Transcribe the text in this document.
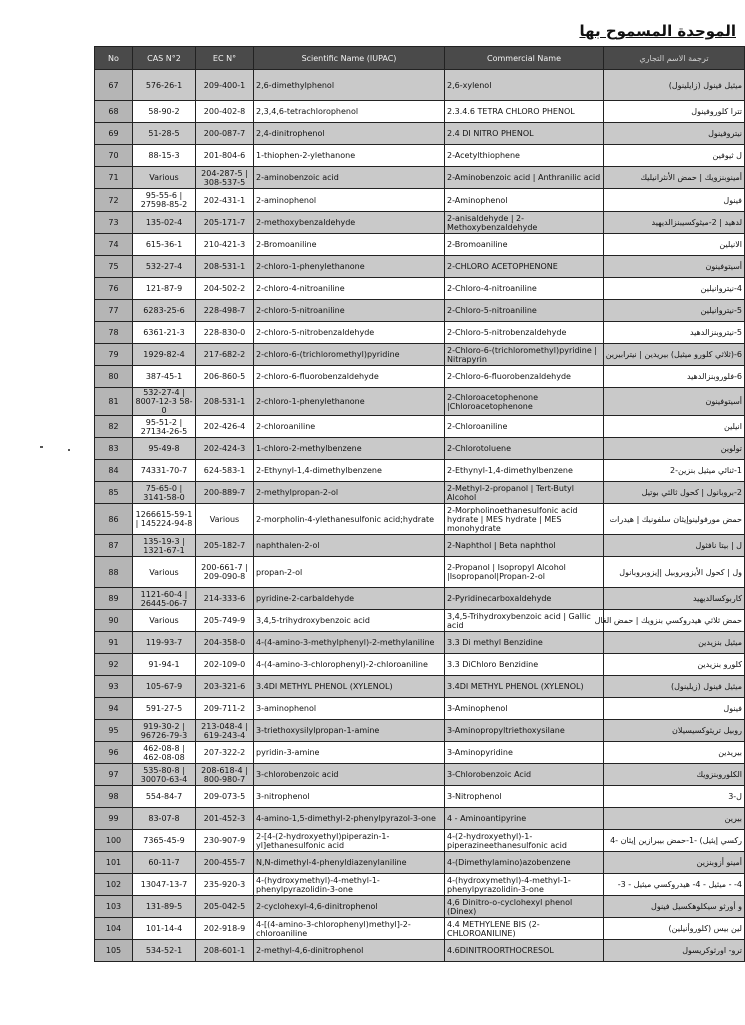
الموحدة المسموح بها
No	CAS N°2	EC N°	Scientific Name (IUPAC)	Commercial Name	ترجمة الاسم التجاري
67	576-26-1	209-400-1	2,6-dimethylphenol	2,6-xylenol	ميثيل فينول (زايلينول)
68	58-90-2	200-402-8	2,3,4,6-tetrachlorophenol	2.3.4.6 TETRA CHLORO PHENOL	تترا كلوروفينول
69	51-28-5	200-087-7	2,4-dinitrophenol	2.4 DI NITRO PHENOL	نيتروفينول
70	88-15-3	201-804-6	1-thiophen-2-ylethanone	2-Acetylthiophene	ل ثيوفين
71	Various	204-287-5 | 308-537-5	2-aminobenzoic acid	2-Aminobenzoic acid | Anthranilic acid	أمينوبنزويك | حمض الأنثرانيليك
72	95-55-6 | 27598-85-2	202-431-1	2-aminophenol	2-Aminophenol	فينول
73	135-02-4	205-171-7	2-methoxybenzaldehyde	2-anisaldehyde | 2-Methoxybenzaldehyde	لدهيد | 2-ميثوكسيبنزالديهيد
74	615-36-1	210-421-3	2-Bromoaniline	2-Bromoaniline	الانيلين
75	532-27-4	208-531-1	2-chloro-1-phenylethanone	2-CHLORO ACETOPHENONE	أسيتوفينون
76	121-87-9	204-502-2	2-chloro-4-nitroaniline	2-Chloro-4-nitroaniline	4-نيتروانيلين
77	6283-25-6	228-498-7	2-chloro-5-nitroaniline	2-Chloro-5-nitroaniline	5-نيتروانيلين
78	6361-21-3	228-830-0	2-chloro-5-nitrobenzaldehyde	2-Chloro-5-nitrobenzaldehyde	5-نيتروبنزالدهيد
79	1929-82-4	217-682-2	2-chloro-6-(trichloromethyl)pyridine	2-Chloro-6-(trichloromethyl)pyridine | Nitrapyrin	6-(ثلاثي كلورو ميثيل) بيريدين | نيترابيرين
80	387-45-1	206-860-5	2-chloro-6-fluorobenzaldehyde	2-Chloro-6-fluorobenzaldehyde	6-فلوروبنزالدهيد
81	532-27-4 | 8007-12-3 58-0	208-531-1	2-chloro-1-phenylethanone	2-Chloroacetophenone |Chloroacetophenone	أسيتوفينون
82	95-51-2 | 27134-26-5	202-426-4	2-chloroaniline	2-Chloroaniline	انيلين
83	95-49-8	202-424-3	1-chloro-2-methylbenzene	2-Chlorotoluene	تولوين
84	74331-70-7	624-583-1	2-Ethynyl-1,4-dimethylbenzene	2-Ethynyl-1,4-dimethylbenzene	1-ثنائي ميثيل بنزين-2
85	75-65-0 | 3141-58-0	200-889-7	2-methylpropan-2-ol	2-Methyl-2-propanol | Tert-Butyl Alcohol	2-بروبانول | كحول ثالثي بوتيل
86	1266615-59-1 | 145224-94-8	Various	2-morpholin-4-ylethanesulfonic acid;hydrate	2-Morpholinoethanesulfonic acid hydrate | MES hydrate | MES monohydrate	حمض مورفولينوإيثان سلفونيك | هيدرات
87	135-19-3 | 1321-67-1	205-182-7	naphthalen-2-ol	2-Naphthol | Beta naphthol	ل | بيتا نافثول
88	Various	200-661-7 | 209-090-8	propan-2-ol	2-Propanol | Isopropyl Alcohol |Isopropanol|Propan-2-ol	ول | كحول الأيزوبروبيل |إيزوبروبانول
89	1121-60-4 | 26445-06-7	214-333-6	pyridine-2-carbaldehyde	2-Pyridinecarboxaldehyde	كاربوكسالديهيد
90	Various	205-749-9	3,4,5-trihydroxybenzoic acid	3,4,5-Trihydroxybenzoic acid | Gallic acid	حمض ثلاثي هيدروكسي بنزويك | حمض الغال
91	119-93-7	204-358-0	4-(4-amino-3-methylphenyl)-2-methylaniline	3.3 Di methyl Benzidine	ميثيل بنزيدين
92	91-94-1	202-109-0	4-(4-amino-3-chlorophenyl)-2-chloroaniline	3.3 DiChloro Benzidine	كلورو بنزيدين
93	105-67-9	203-321-6	3.4DI METHYL PHENOL (XYLENOL)	3.4DI METHYL PHENOL (XYLENOL)	ميثيل فينول (زيلينول)
94	591-27-5	209-711-2	3-aminophenol	3-Aminophenol	فينول
95	919-30-2 | 96726-79-3	213-048-4 | 619-243-4	3-triethoxysilylpropan-1-amine	3-Aminopropyltriethoxysilane	روبيل تريثوكسيسيلان
96	462-08-8 | 462-08-08	207-322-2	pyridin-3-amine	3-Aminopyridine	بيريدين
97	535-80-8 | 30070-63-4	208-618-4 | 800-980-7	3-chlorobenzoic acid	3-Chlorobenzoic Acid	الكلوروبنزويك
98	554-84-7	209-073-5	3-nitrophenol	3-Nitrophenol	ل-3
99	83-07-8	201-452-3	4-amino-1,5-dimethyl-2-phenylpyrazol-3-one	4 - Aminoantipyrine	بيرين
100	7365-45-9	230-907-9	2-[4-(2-hydroxyethyl)piperazin-1-yl]ethanesulfonic acid	4-(2-hydroxyethyl)-1-piperazineethanesulfonic acid	ركسي إيثيل) -1-حمض بيبرازين إيثان -4
101	60-11-7	200-455-7	N,N-dimethyl-4-phenyldiazenylaniline	4-(Dimethylamino)azobenzene	أمينو أزوبنزين
102	13047-13-7	235-920-3	4-(hydroxymethyl)-4-methyl-1-phenylpyrazolidin-3-one	4-(hydroxymethyl)-4-methyl-1-phenylpyrazolidin-3-one	4- - ميثيل - 4- هيدروكسي ميثيل - 3-
103	131-89-5	205-042-5	2-cyclohexyl-4,6-dinitrophenol	4,6 Dinitro-o-cyclohexyl phenol (Dinex)	و أورثو سيكلوهكسيل فينول
104	101-14-4	202-918-9	4-[(4-amino-3-chlorophenyl)methyl]-2-chloroaniline	4.4 METHYLENE BIS (2-CHLOROANILINE)	لين بيس (كلوروأنيلين)
105	534-52-1	208-601-1	2-methyl-4,6-dinitrophenol	4.6DINITROORTHOCRESOL	ترو- اورثوكريسول
